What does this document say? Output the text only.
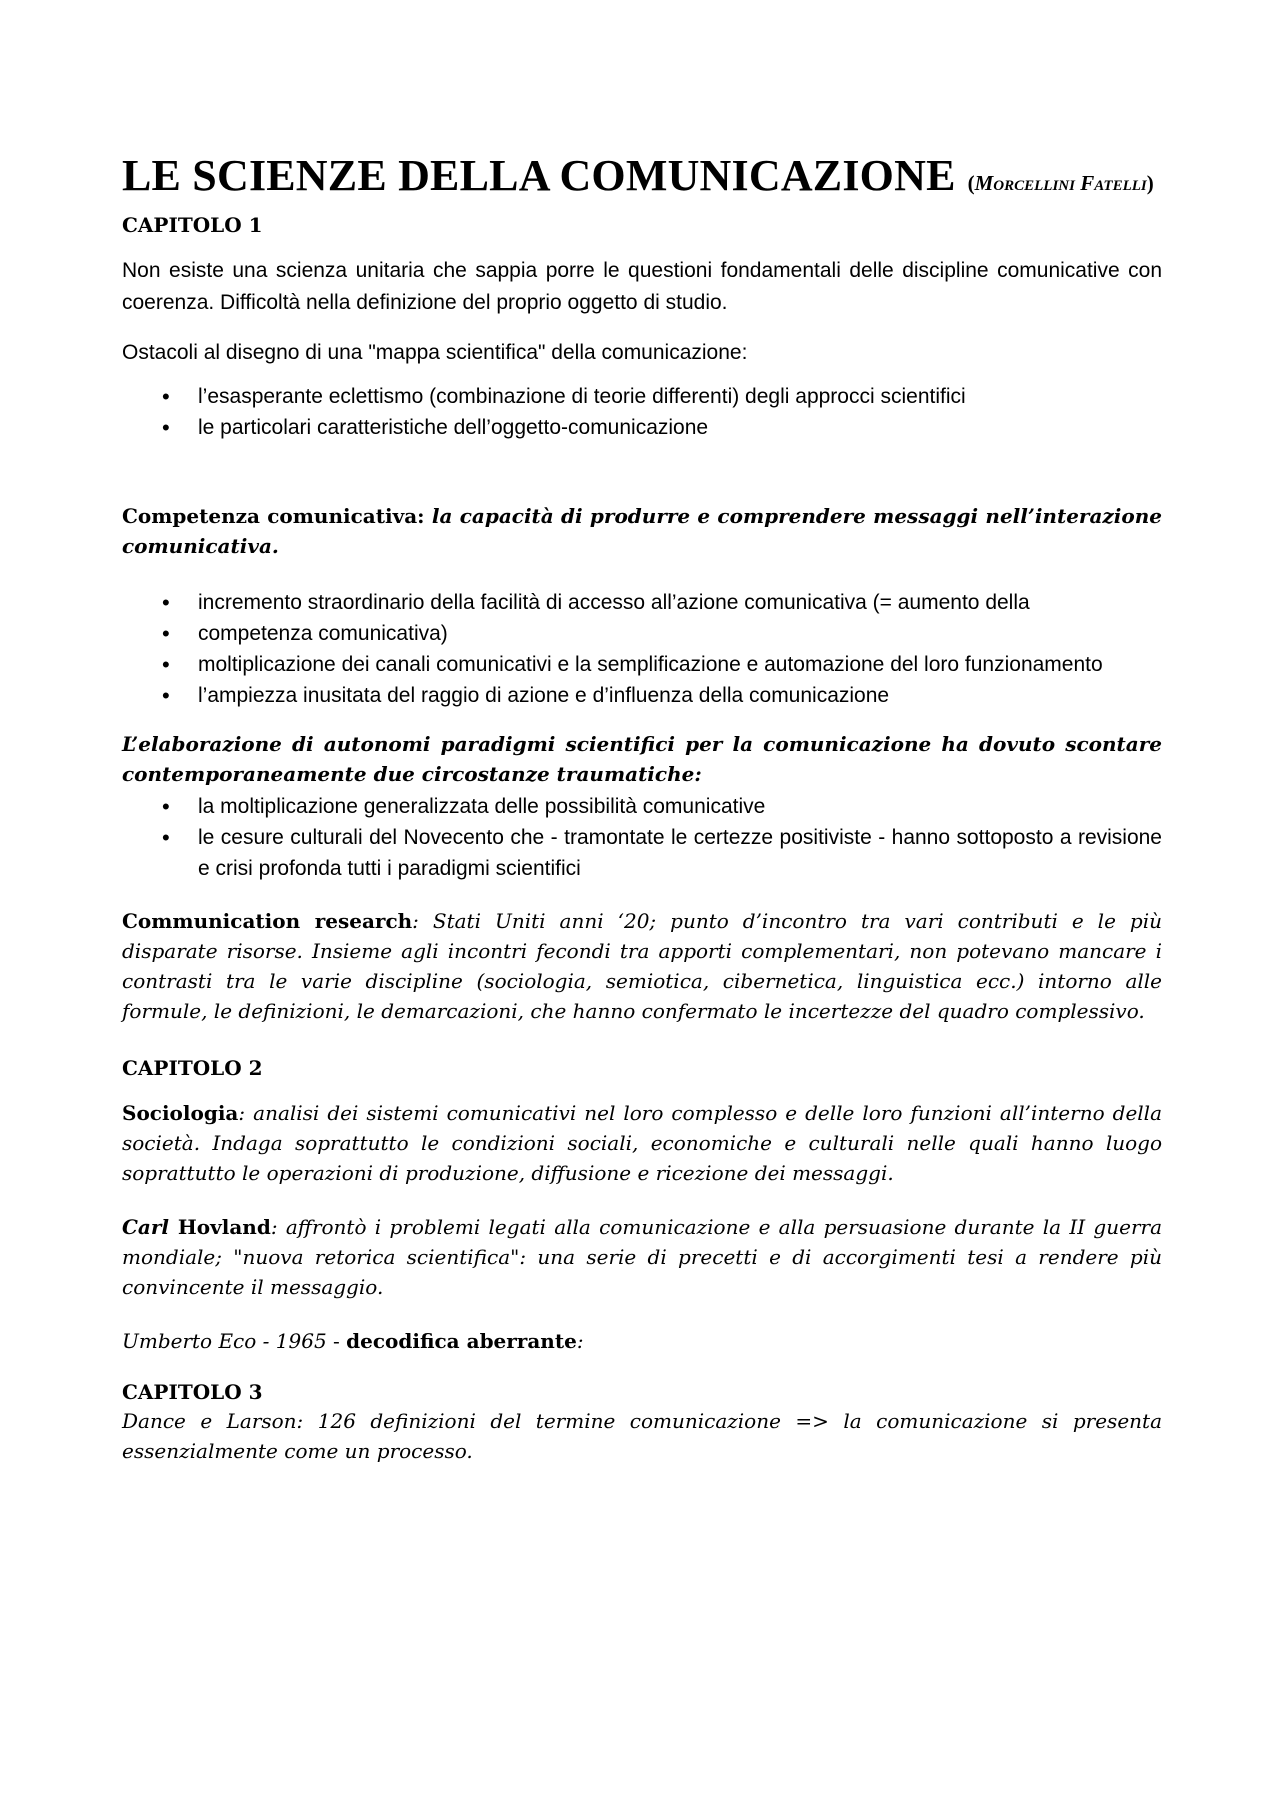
LE SCIENZE DELLA COMUNICAZIONE (Morcellini Fatelli)
CAPITOLO 1

Non esiste una scienza unitaria che sappia porre le questioni fondamentali delle discipline comunicative con coerenza. Difficoltà nella definizione del proprio oggetto di studio.

Ostacoli al disegno di una "mappa scientifica" della comunicazione:

• l’esasperante eclettismo (combinazione di teorie differenti) degli approcci scientifici
• le particolari caratteristiche dell’oggetto-comunicazione

Competenza comunicativa: la capacità di produrre e comprendere messaggi nell’interazione comunicativa.

• incremento straordinario della facilità di accesso all’azione comunicativa (= aumento della
• competenza comunicativa)
• moltiplicazione dei canali comunicativi e la semplificazione e automazione del loro funzionamento
• l’ampiezza inusitata del raggio di azione e d’influenza della comunicazione

L’elaborazione di autonomi paradigmi scientifici per la comunicazione ha dovuto scontare contemporaneamente due circostanze traumatiche:

• la moltiplicazione generalizzata delle possibilità comunicative
• le cesure culturali del Novecento che - tramontate le certezze positiviste - hanno sottoposto a revisione e crisi profonda tutti i paradigmi scientifici

Communication research: Stati Uniti anni ‘20; punto d’incontro tra vari contributi e le più disparate risorse. Insieme agli incontri fecondi tra apporti complementari, non potevano mancare i contrasti tra le varie discipline (sociologia, semiotica, cibernetica, linguistica ecc.) intorno alle formule, le definizioni, le demarcazioni, che hanno confermato le incertezze del quadro complessivo.

CAPITOLO 2

Sociologia: analisi dei sistemi comunicativi nel loro complesso e delle loro funzioni all’interno della società. Indaga soprattutto le condizioni sociali, economiche e culturali nelle quali hanno luogo soprattutto le operazioni di produzione, diffusione e ricezione dei messaggi.

Carl Hovland: affrontò i problemi legati alla comunicazione e alla persuasione durante la II guerra mondiale; "nuova retorica scientifica": una serie di precetti e di accorgimenti tesi a rendere più convincente il messaggio.

Umberto Eco - 1965 - decodifica aberrante:

CAPITOLO 3

Dance e Larson: 126 definizioni del termine comunicazione => la comunicazione si presenta essenzialmente come un processo.
